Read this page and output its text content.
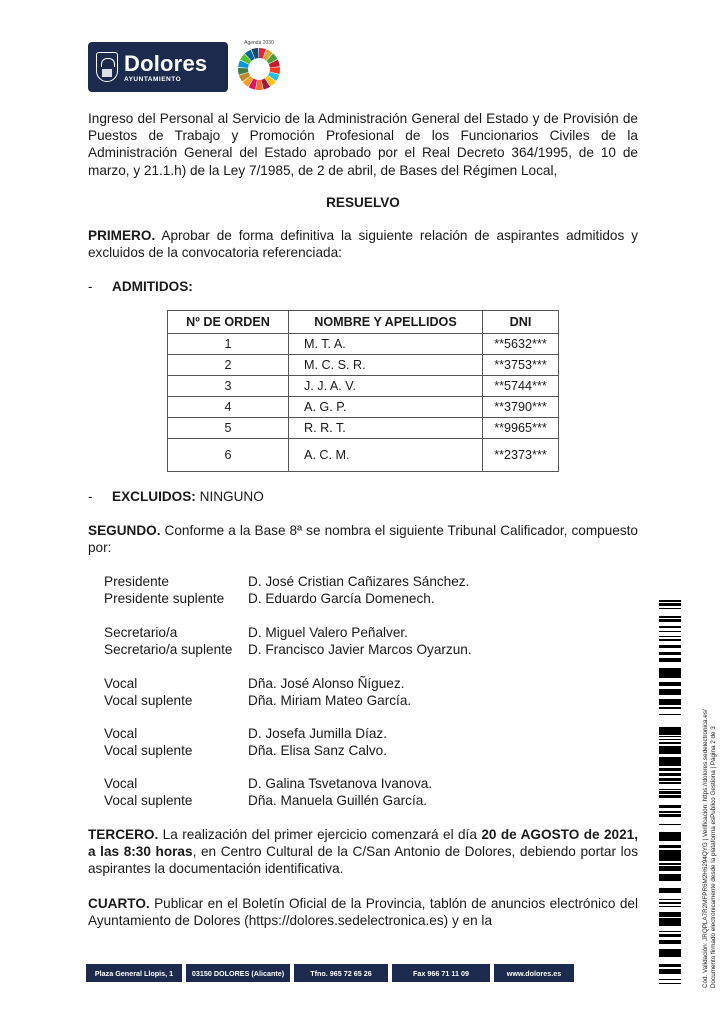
Dolores
AYUNTAMIENTO
Agenda 2030

Ingreso del Personal al Servicio de la Administración General del Estado y de Provisión de Puestos de Trabajo y Promoción Profesional de los Funcionarios Civiles de la Administración General del Estado aprobado por el Real Decreto 364/1995, de 10 de marzo, y 21.1.h) de la Ley 7/1985, de 2 de abril, de Bases del Régimen Local,

RESUELVO

PRIMERO. Aprobar de forma definitiva la siguiente relación de aspirantes admitidos y excluidos de la convocatoria referenciada:

- ADMITIDOS:
Nº DE ORDEN	NOMBRE Y APELLIDOS	DNI
1	M. T. A.	**5632***
2	M. C. S. R.	**3753***
3	J. J. A. V.	**5744***
4	A. G. P.	**3790***
5	R. R. T.	**9965***
6	A. C. M.	**2373***
- EXCLUIDOS: NINGUNO

SEGUNDO. Conforme a la Base 8ª se nombra el siguiente Tribunal Calificador, compuesto por:

Presidente	D. José Cristian Cañizares Sánchez.
Presidente suplente	D. Eduardo García Domenech.
Secretario/a	D. Miguel Valero Peñalver.
Secretario/a suplente	D. Francisco Javier Marcos Oyarzun.
Vocal	Dña. José Alonso Ñíguez.
Vocal suplente	Dña. Miriam Mateo García.
Vocal	D. Josefa Jumilla Díaz.
Vocal suplente	Dña. Elisa Sanz Calvo.
Vocal	D. Galina Tsvetanova Ivanova.
Vocal suplente	Dña. Manuela Guillén García.

TERCERO. La realización del primer ejercicio comenzará el día 20 de AGOSTO de 2021, a las 8:30 horas, en Centro Cultural de la C/San Antonio de Dolores, debiendo portar los aspirantes la documentación identificativa.

CUARTO. Publicar en el Boletín Oficial de la Provincia, tablón de anuncios electrónico del Ayuntamiento de Dolores (https://dolores.sedelectronica.es) y en la

Plaza General Llopis, 1	03150 DOLORES (Alicante)	Tfno. 965 72 65 26	Fax 966 71 11 09	www.dolores.es	Cód. Validación: JRQPLA7R2MFPR6M2H6294QYG | Verificación: https://dolores.sedelectronica.es/ Documento firmado electrónicamente desde la plataforma esPublico Gestiona | Página 2 de 3
